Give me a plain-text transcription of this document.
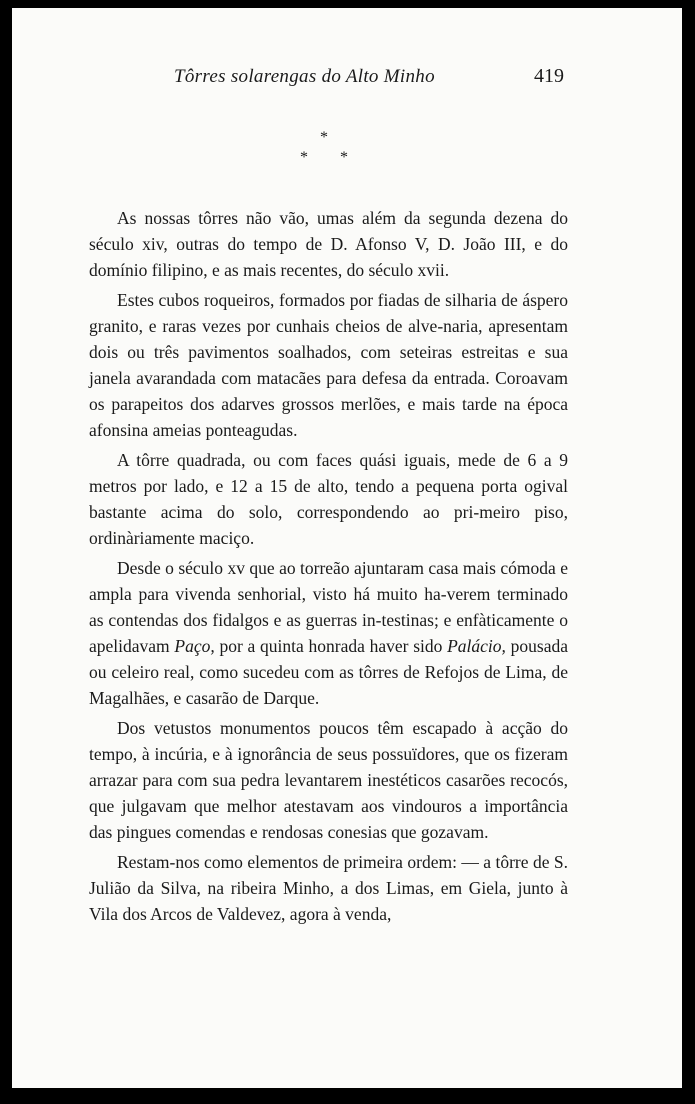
Tôrres solarengas do Alto Minho	419
*
* *

As nossas tôrres não vão, umas além da segunda dezena do século xiv, outras do tempo de D. Afonso V, D. João III, e do domínio filipino, e as mais recentes, do século xvii.

Estes cubos roqueiros, formados por fiadas de silharia de áspero granito, e raras vezes por cunhais cheios de alve-naria, apresentam dois ou três pavimentos soalhados, com seteiras estreitas e sua janela avarandada com matacães para defesa da entrada. Coroavam os parapeitos dos adarves grossos merlões, e mais tarde na época afonsina ameias ponteagudas.

A tôrre quadrada, ou com faces quási iguais, mede de 6 a 9 metros por lado, e 12 a 15 de alto, tendo a pequena porta ogival bastante acima do solo, correspondendo ao pri-meiro piso, ordinàriamente maciço.

Desde o século xv que ao torreão ajuntaram casa mais cómoda e ampla para vivenda senhorial, visto há muito ha-verem terminado as contendas dos fidalgos e as guerras in-testinas; e enfàticamente o apelidavam Paço, por a quinta honrada haver sido Palácio, pousada ou celeiro real, como sucedeu com as tôrres de Refojos de Lima, de Magalhães, e casarão de Darque.

Dos vetustos monumentos poucos têm escapado à acção do tempo, à incúria, e à ignorância de seus possuïdores, que os fizeram arrazar para com sua pedra levantarem inestéticos casarões recocós, que julgavam que melhor atestavam aos vindouros a importância das pingues comendas e rendosas conesias que gozavam.

Restam-nos como elementos de primeira ordem: — a tôrre de S. Julião da Silva, na ribeira Minho, a dos Limas, em Giela, junto à Vila dos Arcos de Valdevez, agora à venda,
